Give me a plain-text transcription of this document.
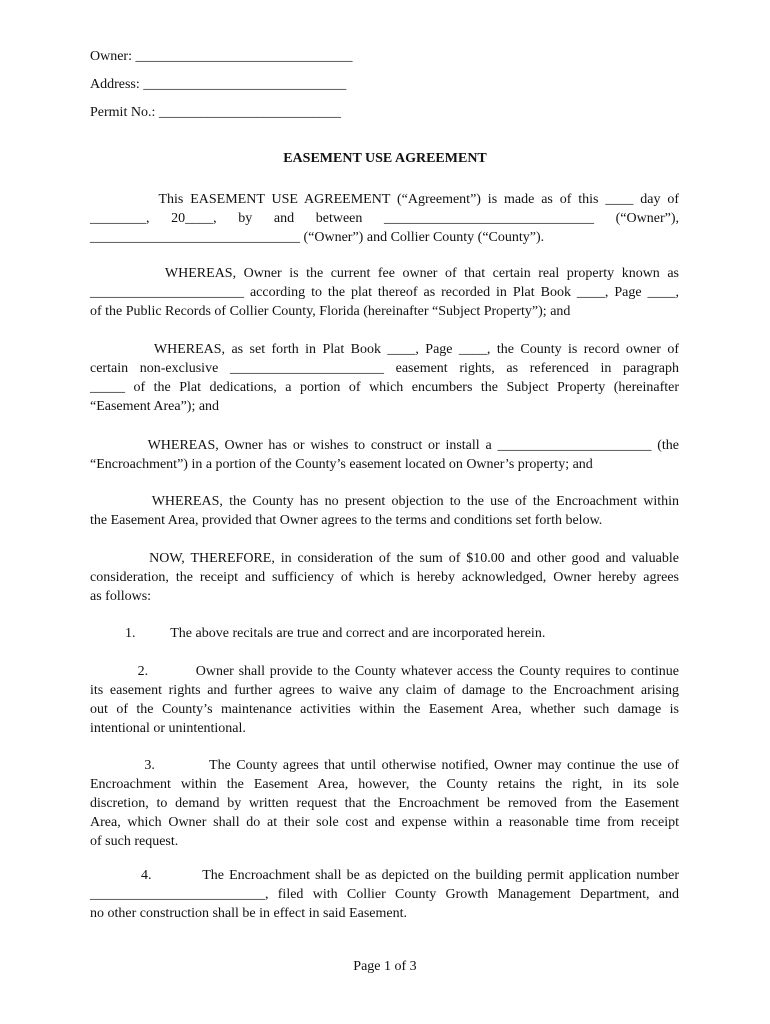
Owner: _______________________________
Address: _____________________________
Permit No.: __________________________
EASEMENT USE AGREEMENT
This EASEMENT USE AGREEMENT (“Agreement”) is made as of this ____ day of
________, 20____, by and between ______________________________ (“Owner”),
______________________________ (“Owner”) and Collier County (“County”).
WHEREAS, Owner is the current fee owner of that certain real property known as
______________________ according to the plat thereof as recorded in Plat Book ____, Page ____,
of the Public Records of Collier County, Florida (hereinafter “Subject Property”); and
WHEREAS, as set forth in Plat Book ____, Page ____, the County is record owner of
certain non-exclusive ______________________ easement rights, as referenced in paragraph
_____ of the Plat dedications, a portion of which encumbers the Subject Property (hereinafter
“Easement Area”); and
WHEREAS, Owner has or wishes to construct or install a ______________________ (the
“Encroachment”) in a portion of the County’s easement located on Owner’s property; and
WHEREAS, the County has no present objection to the use of the Encroachment within
the Easement Area, provided that Owner agrees to the terms and conditions set forth below.
NOW, THEREFORE, in consideration of the sum of $10.00 and other good and valuable
consideration, the receipt and sufficiency of which is hereby acknowledged, Owner hereby agrees
as follows:
1.          The above recitals are true and correct and are incorporated herein.
2.          Owner shall provide to the County whatever access the County requires to continue
its easement rights and further agrees to waive any claim of damage to the Encroachment arising
out of the County’s maintenance activities within the Easement Area, whether such damage is
intentional or unintentional.
3.          The County agrees that until otherwise notified, Owner may continue the use of
Encroachment within the Easement Area, however, the County retains the right, in its sole
discretion, to demand by written request that the Encroachment be removed from the Easement
Area, which Owner shall do at their sole cost and expense within a reasonable time from receipt
of such request.
4.          The Encroachment shall be as depicted on the building permit application number
_________________________, filed with Collier County Growth Management Department, and
no other construction shall be in effect in said Easement.
Page 1 of 3
